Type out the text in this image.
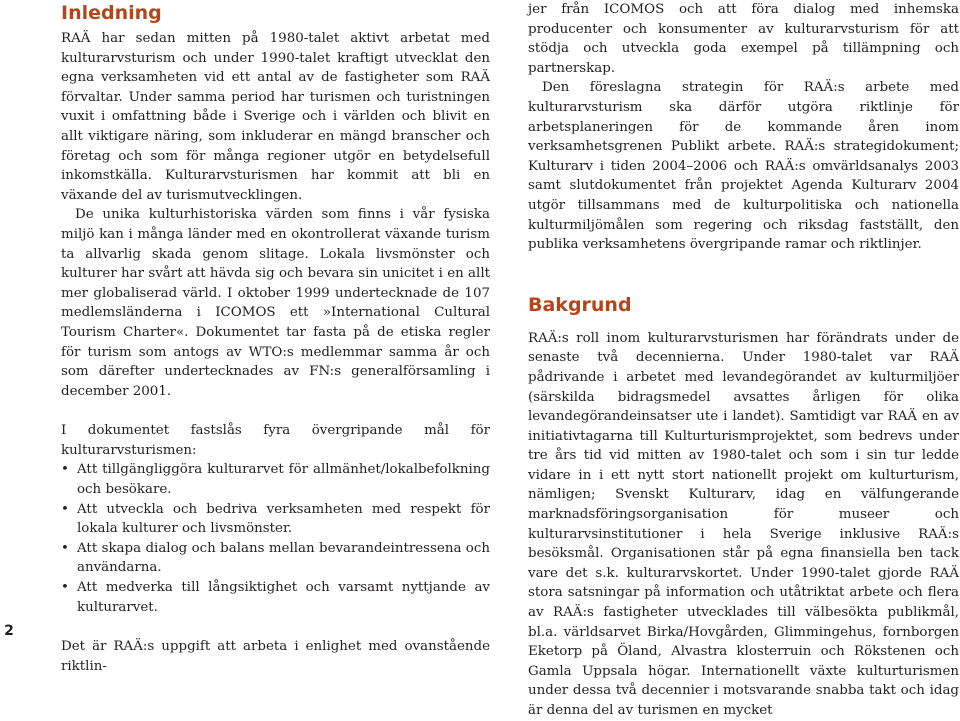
2
Inledning

RAÄ har sedan mitten på 1980-talet aktivt arbetat med kulturarvsturism och under 1990-talet kraftigt utvecklat den egna verksamheten vid ett antal av de fastigheter som RAÄ förvaltar. Under samma period har turismen och turistningen vuxit i omfattning både i Sverige och i världen och blivit en allt viktigare näring, som inkluderar en mängd branscher och företag och som för många regioner utgör en betydelsefull inkomstkälla. Kulturarvsturismen har kommit att bli en växande del av turismutvecklingen.

De unika kulturhistoriska värden som finns i vår fysiska miljö kan i många länder med en okontrollerat växande turism ta allvarlig skada genom slitage. Lokala livsmönster och kulturer har svårt att hävda sig och bevara sin unicitet i en allt mer globaliserad värld. I oktober 1999 undertecknade de 107 medlemsländerna i ICOMOS ett »International Cultural Tourism Charter«. Dokumentet tar fasta på de etiska regler för turism som antogs av WTO:s medlemmar samma år och som därefter undertecknades av FN:s generalförsamling i december 2001.

I dokumentet fastslås fyra övergripande mål för kulturarvsturismen:

• Att tillgängliggöra kulturarvet för allmänhet/lokalbefolkning och besökare.
• Att utveckla och bedriva verksamheten med respekt för lokala kulturer och livsmönster.
• Att skapa dialog och balans mellan bevarandeintressena och användarna.
• Att medverka till långsiktighet och varsamt nyttjande av kulturarvet.

Det är RAÄ:s uppgift att arbeta i enlighet med ovanstående riktlin-

jer från ICOMOS och att föra dialog med inhemska producenter och konsumenter av kulturarvsturism för att stödja och utveckla goda exempel på tillämpning och partnerskap.

Den föreslagna strategin för RAÄ:s arbete med kulturarvsturism ska därför utgöra riktlinje för arbetsplaneringen för de kommande åren inom verksamhetsgrenen Publikt arbete. RAÄ:s strategidokument; Kulturarv i tiden 2004–2006 och RAÄ:s omvärldsanalys 2003 samt slutdokumentet från projektet Agenda Kulturarv 2004 utgör tillsammans med de kulturpolitiska och nationella kulturmiljömålen som regering och riksdag fastställt, den publika verksamhetens övergripande ramar och riktlinjer.

Bakgrund

RAÄ:s roll inom kulturarvsturismen har förändrats under de senaste två decennierna. Under 1980-talet var RAÄ pådrivande i arbetet med levandegörandet av kulturmiljöer (särskilda bidragsmedel avsattes årligen för olika levandegörandeinsatser ute i landet). Samtidigt var RAÄ en av initiativtagarna till Kulturturismprojektet, som bedrevs under tre års tid vid mitten av 1980-talet och som i sin tur ledde vidare in i ett nytt stort nationellt projekt om kulturturism, nämligen; Svenskt Kulturarv, idag en välfungerande marknadsföringsorganisation för museer och kulturarvsinstitutioner i hela Sverige inklusive RAÄ:s besöksmål. Organisationen står på egna finansiella ben tack vare det s.k. kulturarvskortet. Under 1990-talet gjorde RAÄ stora satsningar på information och utåtriktat arbete och flera av RAÄ:s fastigheter utvecklades till välbesökta publikmål, bl.a. världsarvet Birka/Hovgården, Glimmingehus, fornborgen Eketorp på Öland, Alvastra klosterruin och Rökstenen och Gamla Uppsala högar. Internationellt växte kulturturismen under dessa två decennier i motsvarande snabba takt och idag är denna del av turismen en mycket
